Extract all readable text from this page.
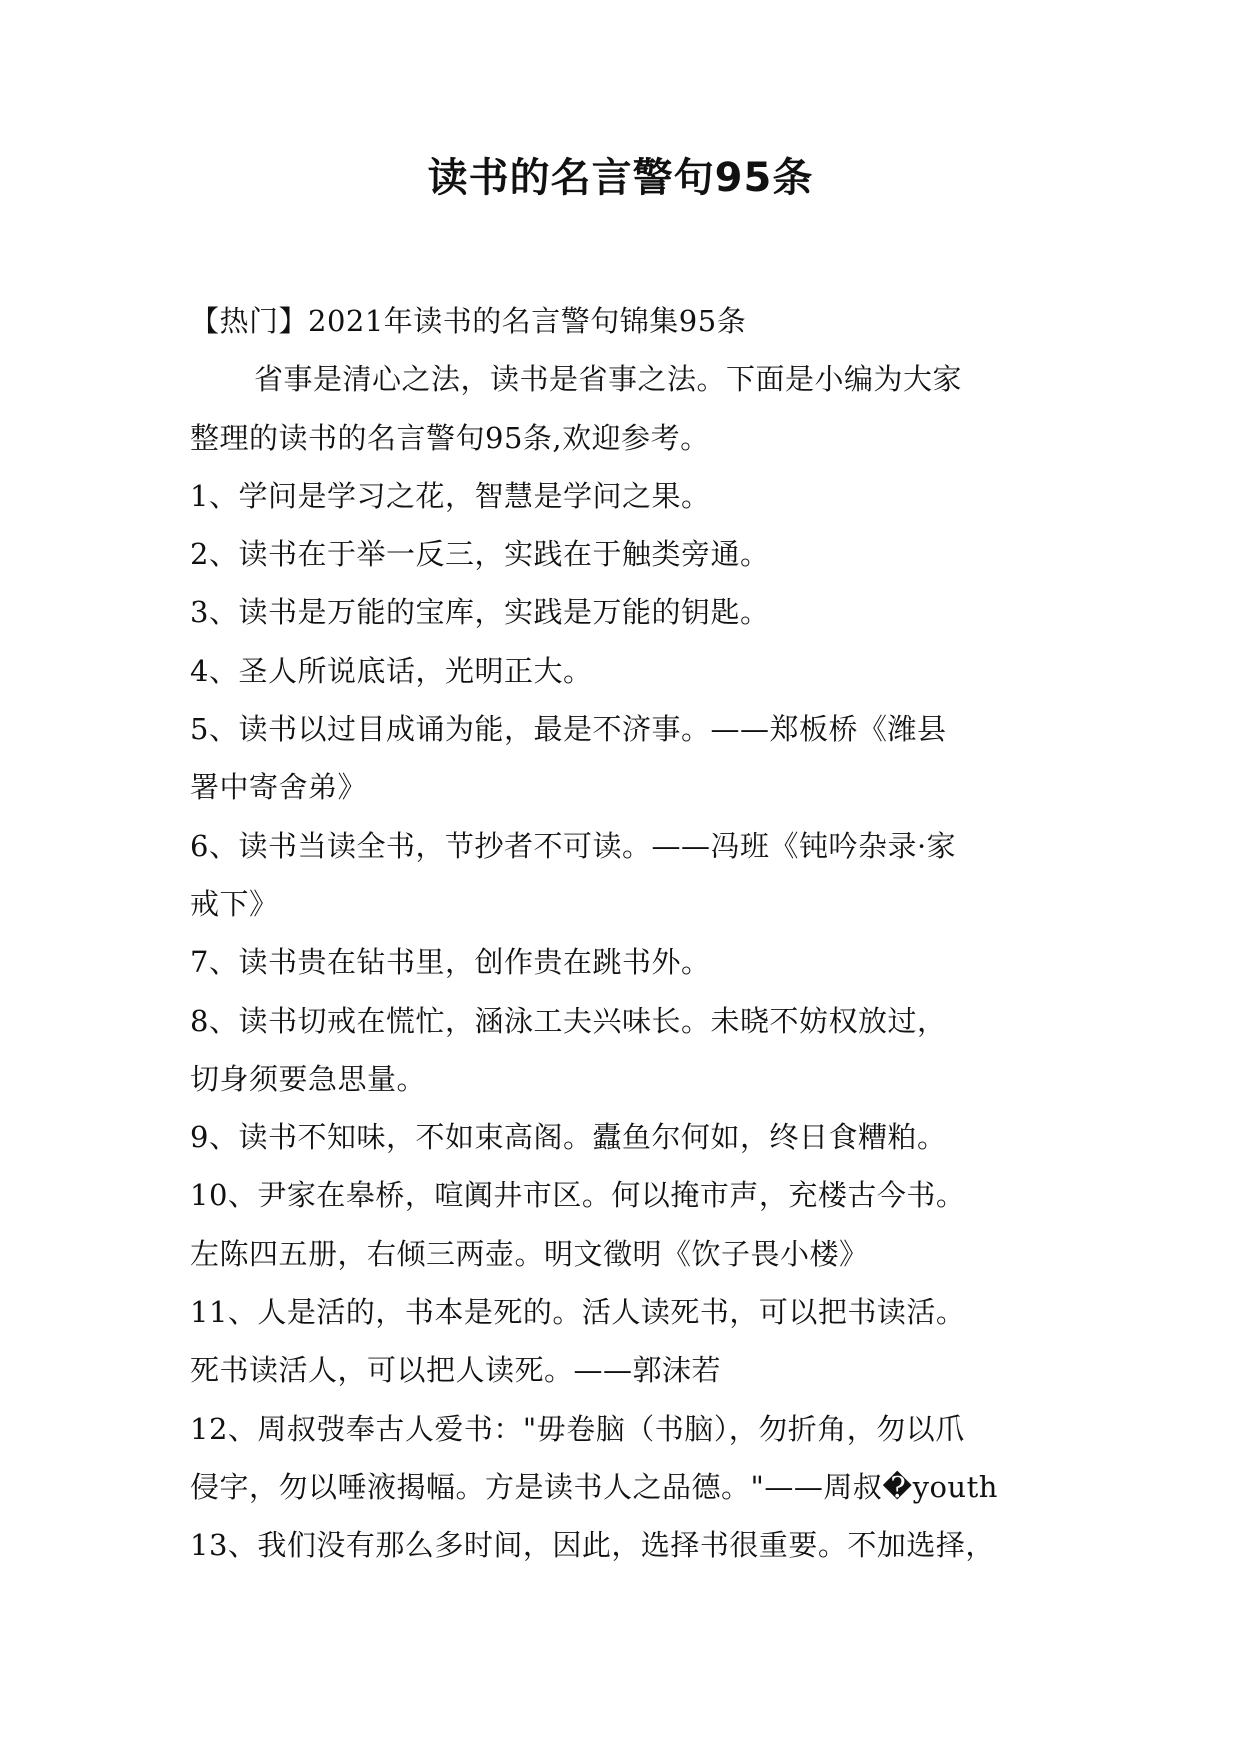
读书的名言警句95条
【热门】2021年读书的名言警句锦集95条
省事是清心之法，读书是省事之法。下面是小编为大家
整理的读书的名言警句95条,欢迎参考。
1、学问是学习之花，智慧是学问之果。
2、读书在于举一反三，实践在于触类旁通。
3、读书是万能的宝库，实践是万能的钥匙。
4、圣人所说底话，光明正大。
5、读书以过目成诵为能，最是不济事。——郑板桥《潍县
署中寄舍弟》
6、读书当读全书，节抄者不可读。——冯班《钝吟杂录·家
戒下》
7、读书贵在钻书里，创作贵在跳书外。
8、读书切戒在慌忙，涵泳工夫兴味长。未晓不妨权放过，
切身须要急思量。
9、读书不知味，不如束高阁。蠹鱼尔何如，终日食糟粕。
10、尹家在皋桥，喧阗井市区。何以掩市声，充楼古今书。
左陈四五册，右倾三两壶。明文徵明《饮子畏小楼》
11、人是活的，书本是死的。活人读死书，可以把书读活。
死书读活人，可以把人读死。——郭沫若
12、周叔弢奉古人爱书："毋卷脑（书脑），勿折角，勿以爪
侵字，勿以唾液揭幅。方是读书人之品德。"——周叔�youth
13、我们没有那么多时间，因此，选择书很重要。不加选择，
